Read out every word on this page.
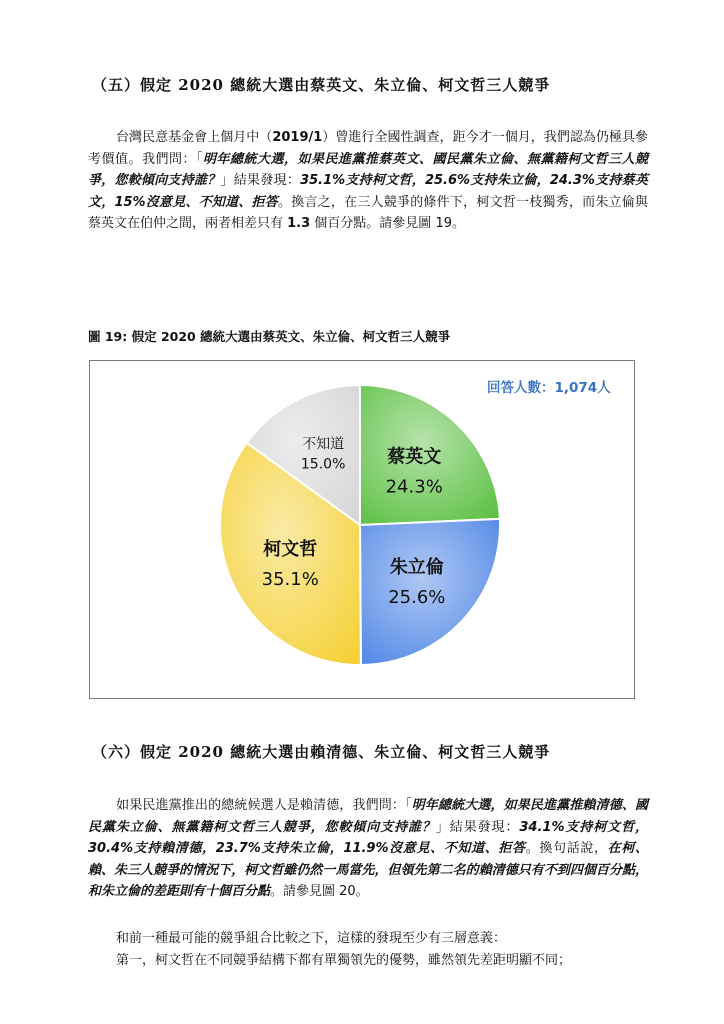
（五）假定 2020 總統大選由蔡英文、朱立倫、柯文哲三人競爭
台灣民意基金會上個月中（2019/1）曾進行全國性調查，距今才一個月，我們認為仍極具參考價值。我們問：「明年總統大選，如果民進黨推蔡英文、國民黨朱立倫、無黨籍柯文哲三人競爭，您較傾向支持誰？」結果發現：35.1%支持柯文哲，25.6%支持朱立倫，24.3%支持蔡英文，15%沒意見、不知道、拒答。換言之，在三人競爭的條件下，柯文哲一枝獨秀，而朱立倫與蔡英文在伯仲之間，兩者相差只有 1.3 個百分點。請參見圖 19。
圖 19: 假定 2020 總統大選由蔡英文、朱立倫、柯文哲三人競爭
回答人數：1,074人
蔡英文
24.3%
朱立倫
25.6%
柯文哲
35.1%
不知道
15.0%
（六）假定 2020 總統大選由賴清德、朱立倫、柯文哲三人競爭
如果民進黨推出的總統候選人是賴清德，我們問：「明年總統大選，如果民進黨推賴清德、國民黨朱立倫、無黨籍柯文哲三人競爭，您較傾向支持誰？」結果發現：34.1%支持柯文哲，30.4%支持賴清德，23.7%支持朱立倫，11.9%沒意見、不知道、拒答。換句話說，在柯、賴、朱三人競爭的情況下，柯文哲雖仍然一馬當先，但領先第二名的賴清德只有不到四個百分點，和朱立倫的差距則有十個百分點。請參見圖 20。
和前一種最可能的競爭組合比較之下，這樣的發現至少有三層意義：
第一，柯文哲在不同競爭結構下都有單獨領先的優勢，雖然領先差距明顯不同；
